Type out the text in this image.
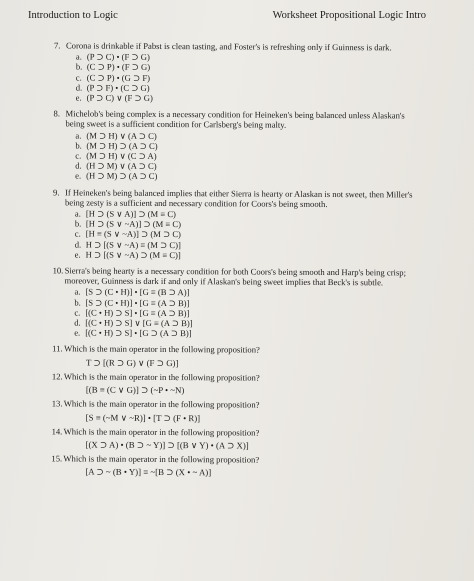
Introduction to Logic	Worksheet Propositional Logic Intro
7. Corona is drinkable if Pabst is clean tasting, and Foster's is refreshing only if Guinness is dark.
a. (P ⊃ C) • (F ⊃ G)
b. (C ⊃ P) • (F ⊃ G)
c. (C ⊃ P) • (G ⊃ F)
d. (P ⊃ F) • (C ⊃ G)
e. (P ⊃ C) ∨ (F ⊃ G)
8. Michelob's being complex is a necessary condition for Heineken's being balanced unless Alaskan's being sweet is a sufficient condition for Carlsberg's being malty.
a. (M ⊃ H) ∨ (A ⊃ C)
b. (M ⊃ H) ⊃ (A ⊃ C)
c. (M ⊃ H) ∨ (C ⊃ A)
d. (H ⊃ M) ∨ (A ⊃ C)
e. (H ⊃ M) ⊃ (A ⊃ C)
9. If Heineken's being balanced implies that either Sierra is hearty or Alaskan is not sweet, then Miller's being zesty is a sufficient and necessary condition for Coors's being smooth.
a. [H ⊃ (S ∨ A)] ⊃ (M ≡ C)
b. [H ⊃ (S ∨ ~A)] ⊃ (M ≡ C)
c. [H ≡ (S ∨ ~A)] ⊃ (M ⊃ C)
d. H ⊃ [(S ∨ ~A) ≡ (M ⊃ C)]
e. H ⊃ [(S ∨ ~A) ⊃ (M ≡ C)]
10. Sierra's being hearty is a necessary condition for both Coors's being smooth and Harp's being crisp; moreover, Guinness is dark if and only if Alaskan's being sweet implies that Beck's is subtle.
a. [S ⊃ (C • H)] • [G ≡ (B ⊃ A)]
b. [S ⊃ (C • H)] • [G ≡ (A ⊃ B)]
c. [(C • H) ⊃ S] • [G ≡ (A ⊃ B)]
d. [(C • H) ⊃ S] ∨ [G ≡ (A ⊃ B)]
e. [(C • H) ⊃ S] • [G ⊃ (A ⊃ B)]
11. Which is the main operator in the following proposition?
T ⊃ [(R ⊃ G) ∨ (F ⊃ G)]
12. Which is the main operator in the following proposition?
[(B ≡ (C ∨ G)] ⊃ (~P • ~N)
13. Which is the main operator in the following proposition?
[S ≡ (~M ∨ ~R)] • [T ⊃ (F • R)]
14. Which is the main operator in the following proposition?
[(X ⊃ A) • (B ⊃ ~ Y)] ⊃ [(B ∨ Y) • (A ⊃ X)]
15. Which is the main operator in the following proposition?
[A ⊃ ~ (B • Y)] ≡ ~[B ⊃ (X • ~ A)]
